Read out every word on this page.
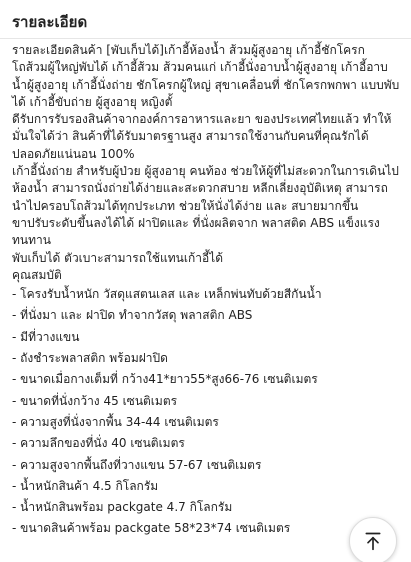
รายละเอียด

รายละเอียดสินค้า [พับเก็บได้]เก้าอี้ห้องน้ำ ส้วมผู้สูงอายุ เก้าอี้ชักโครก โถส้วมผู้ใหญ่พับได้ เก้าอี้ส้วม ส้วมคนแก่ เก้าอี้นั่งอาบน้ำผู้สูงอายุ เก้าอี้อาบน้ำผู้สูงอายุ เก้าอี้นั่งถ่าย ชักโครกผู้ใหญ่ สุขาเคลื่อนที่ ชักโครกพกพา แบบพับได้ เก้าอี้ขับถ่าย ผู้สูงอายุ หญิงตั้

ดีรับการรับรองสินค้าจากองค์การอาหารและยา ของประเทศไทยแล้ว ทำให้มั่นใจได้ว่า สินค้าที่ได้รับมาตรฐานสูง สามารถใช้งานกับคนที่คุณรักได้ปลอดภัยแน่นอน 100%

เก้าอี้นั่งถ่าย สำหรับผู้ป่วย ผู้สูงอายุ คนท้อง ช่วยให้ผู้ที่ไม่สะดวกในการเดินไปห้องน้ำ สามารถนั่งถ่ายได้ง่ายและสะดวกสบาย หลีกเลี่ยงอุบัติเหตุ สามารถนำไปครอบโถส้วมได้ทุกประเภท ช่วยให้นั่งได้ง่าย และ สบายมากขึ้น

ขาปรับระดับขึ้นลงได้ได้ ฝาปิดและ ที่นั่งผลิตจาก พลาสติด ABS แข็งแรงทนทาน

พับเก็บได้ ตัวเบาะสามารถใช้แทนเก้าอี้ได้

คุณสมบัติ

- โครงรับน้ำหนัก วัสดุแสตนเลส และ เหล็กพ่นทับด้วยสีกันน้ำ
- ที่นั่งมา และ ฝาปิด ทำจากวัสดุ พลาสติก ABS
- มีที่วางแขน
- ถังชำระพลาสติก พร้อมฝาปิด
- ขนาดเมื่อกางเต็มที่ กว้าง41*ยาว55*สูง66-76 เซนติเมตร
- ขนาดที่นั่งกว้าง 45 เซนติเมตร
- ความสูงที่นั่งจากพื้น 34-44 เซนติเมตร
- ความลึกของที่นั่ง 40 เซนติเมตร
- ความสูงจากพื้นถึงที่วางแขน 57-67 เซนติเมตร
- น้ำหนักสินค้า 4.5 กิโลกรัม
- น้ำหนักสินพร้อม packgate 4.7 กิโลกรัม
- ขนาดสินค้าพร้อม packgate 58*23*74 เซนติเมตร
